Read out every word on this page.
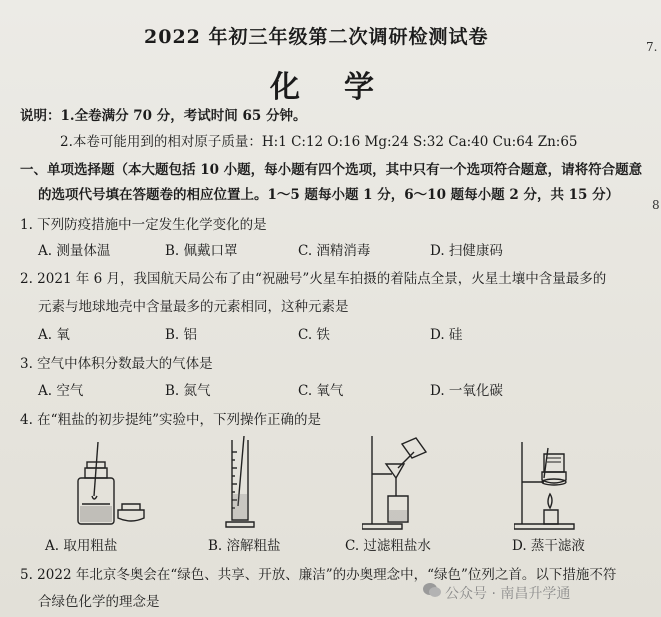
2022 年初三年级第二次调研检测试卷
化学
说明：1.全卷满分 70 分，考试时间 65 分钟。
2.本卷可能用到的相对原子质量：H:1 C:12 O:16 Mg:24 S:32 Ca:40 Cu:64 Zn:65
一、单项选择题（本大题包括 10 小题，每小题有四个选项，其中只有一个选项符合题意，请将符合题意
的选项代号填在答题卷的相应位置上。1～5 题每小题 1 分，6～10 题每小题 2 分，共 15 分）
1. 下列防疫措施中一定发生化学变化的是
A. 测量体温	B. 佩戴口罩	C. 酒精消毒	D. 扫健康码
2. 2021 年 6 月，我国航天局公布了由“祝融号”火星车拍摄的着陆点全景，火星土壤中含量最多的
元素与地球地壳中含量最多的元素相同，这种元素是
A. 氧	B. 铝	C. 铁	D. 硅
3. 空气中体积分数最大的气体是
A. 空气	B. 氮气	C. 氧气	D. 一氧化碳
4. 在“粗盐的初步提纯”实验中，下列操作正确的是
A. 取用粗盐	B. 溶解粗盐	C. 过滤粗盐水	D. 蒸干滤液
5. 2022 年北京冬奥会在“绿色、共享、开放、廉洁”的办奥理念中，“绿色”位列之首。以下措施不符
合绿色化学的理念是	公众号 · 南昌升学通
7.
8
